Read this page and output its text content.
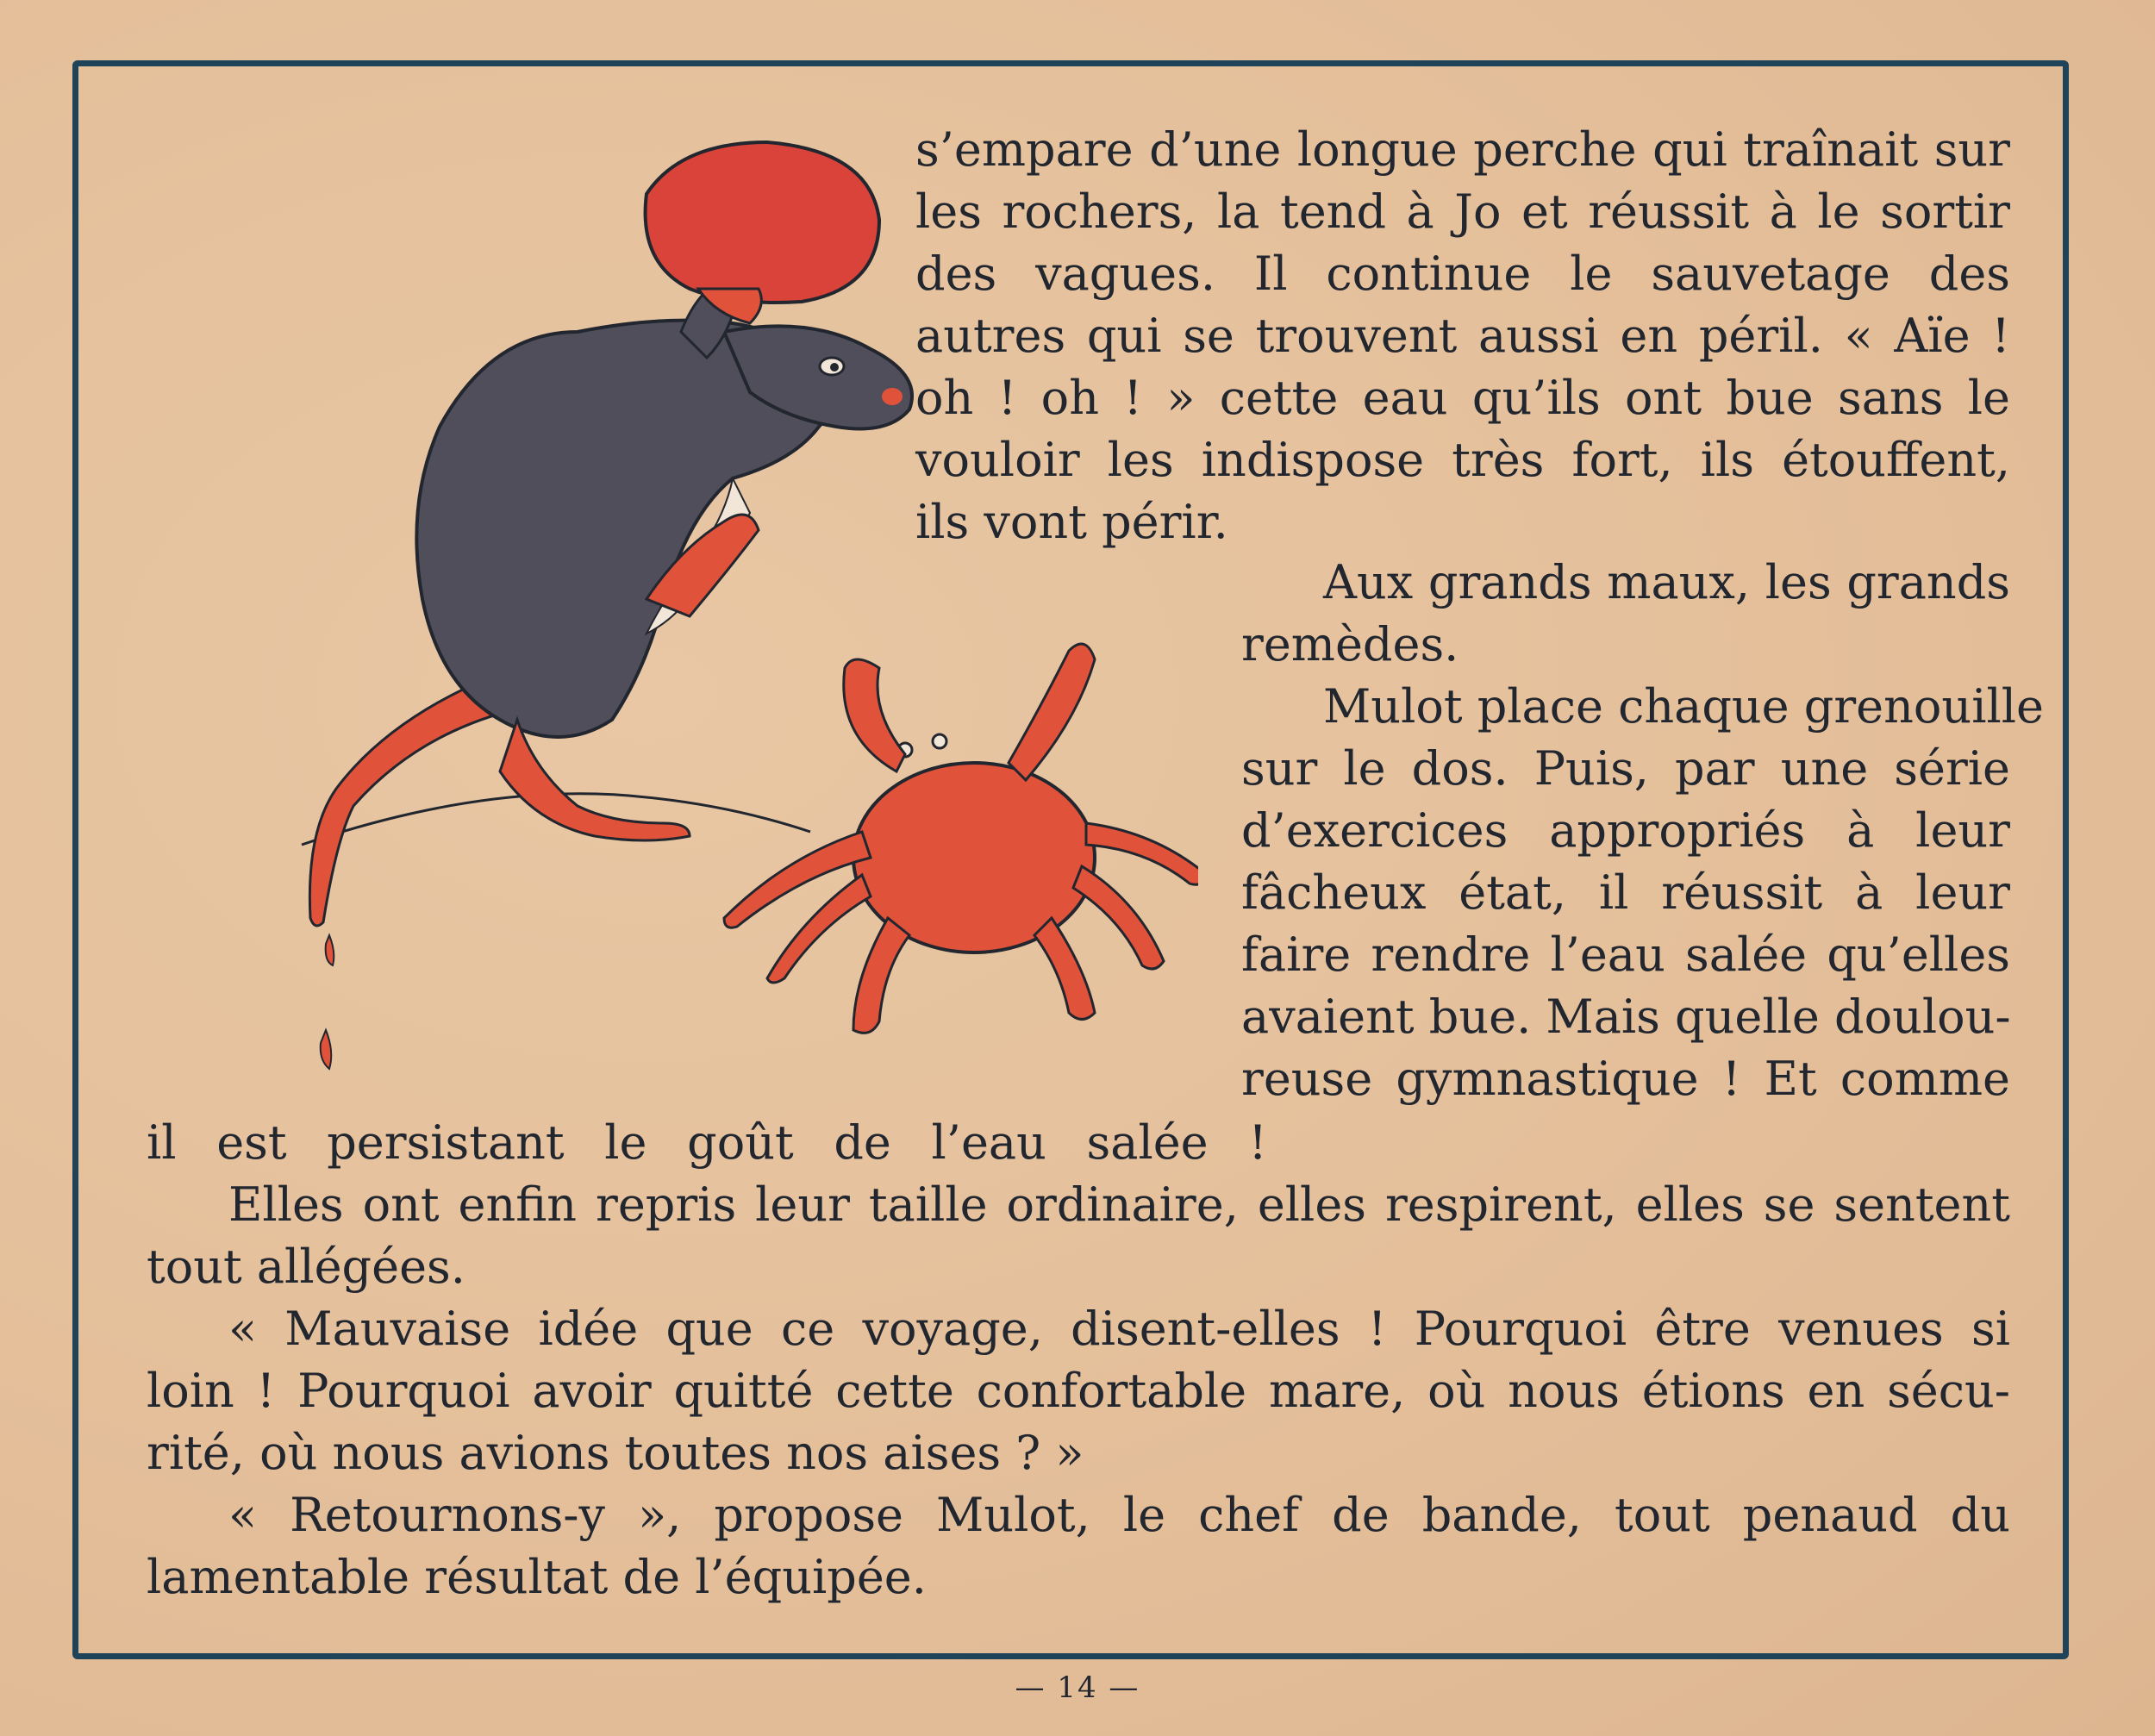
s’empare d’une longue perche qui traînait sur
les rochers, la tend à Jo et réussit à le sortir
des vagues. Il continue le sauvetage des
autres qui se trouvent aussi en péril. « Aïe !
oh ! oh ! » cette eau qu’ils ont bue sans le
vouloir les indispose très fort, ils étouffent,
ils vont périr.
Aux grands maux, les grands
remèdes.
Mulot place chaque grenouille
sur le dos. Puis, par une série
d’exercices appropriés à leur
fâcheux état, il réussit à leur
faire rendre l’eau salée qu’elles
avaient bue. Mais quelle doulou-
reuse gymnastique ! Et comme
il est persistant le goût de l’eau salée !
Elles ont enfin repris leur taille ordinaire, elles respirent, elles se sentent
tout allégées.
« Mauvaise idée que ce voyage, disent-elles ! Pourquoi être venues si
loin ! Pourquoi avoir quitté cette confortable mare, où nous étions en sécu-
rité, où nous avions toutes nos aises ? »
« Retournons-y », propose Mulot, le chef de bande, tout penaud du
lamentable résultat de l’équipée.
— 14 —
